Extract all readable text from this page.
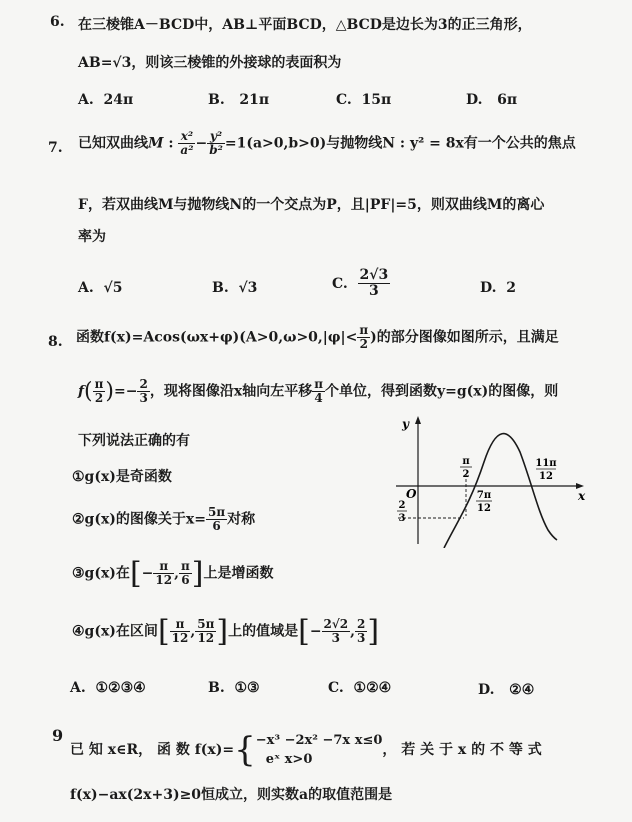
6. 在三棱锥A－BCD中，AB⊥平面BCD，△BCD是边长为3的正三角形，
AB=√3，则该三棱锥的外接球的表面积为
A. 24π	B. 21π	C. 15π	D. 6π
7. 已知双曲线M : $\frac{\text{x²}}{\text{a²}} - \frac{\text{y²}}{\text{b²}} =1(a>0,b>0)$与抛物线N : y² = 8x有一个公共的焦点
F，若双曲线M与抛物线N的一个交点为P，且|PF|=5，则双曲线M的离心
率为
A. √5	B. √3	C. $\frac{2√3}{3}$	D. 2
8. 函数$f(x)=Acos(\omega x+\varphi)(A>0,\omega>0,|\varphi|< \frac{\pi}{2}$ )的部分图像如图所示，且满足
$f( \frac{\pi}{2}$ )=− $\frac{2}{3}$ ，现将图像沿x轴向左平移 $\frac{\pi}{4}$ 个单位，得到函数y=g(x)的图像，则
下列说法正确的有
①g(x)是奇函数
②g(x)的图像关于$x= \frac{5\pi}{6}$ 对称
③g(x)在[− $\frac{\pi}{12}$ , $\frac{\pi}{6}$ ]上是增函数
④g(x)在区间[ $\frac{\pi}{12}$ , $\frac{5\pi}{12}$ ]上的值域是[− $\frac{2√2}{3}$ , $\frac{2}{3}$ ]
A. ①②③④	B. ①③	C. ①②④	D. ②④
y
x
O
π
2
7π
12
11π
12
2
3
9
已 知 x∈R， 函 数 f(x)={ −x³ −2x² −7x x≤0
eˣ x>0
， 若 关 于 x 的 不 等 式
f(x)−ax(2x+3)≥0恒成立，则实数a的取值范围是
